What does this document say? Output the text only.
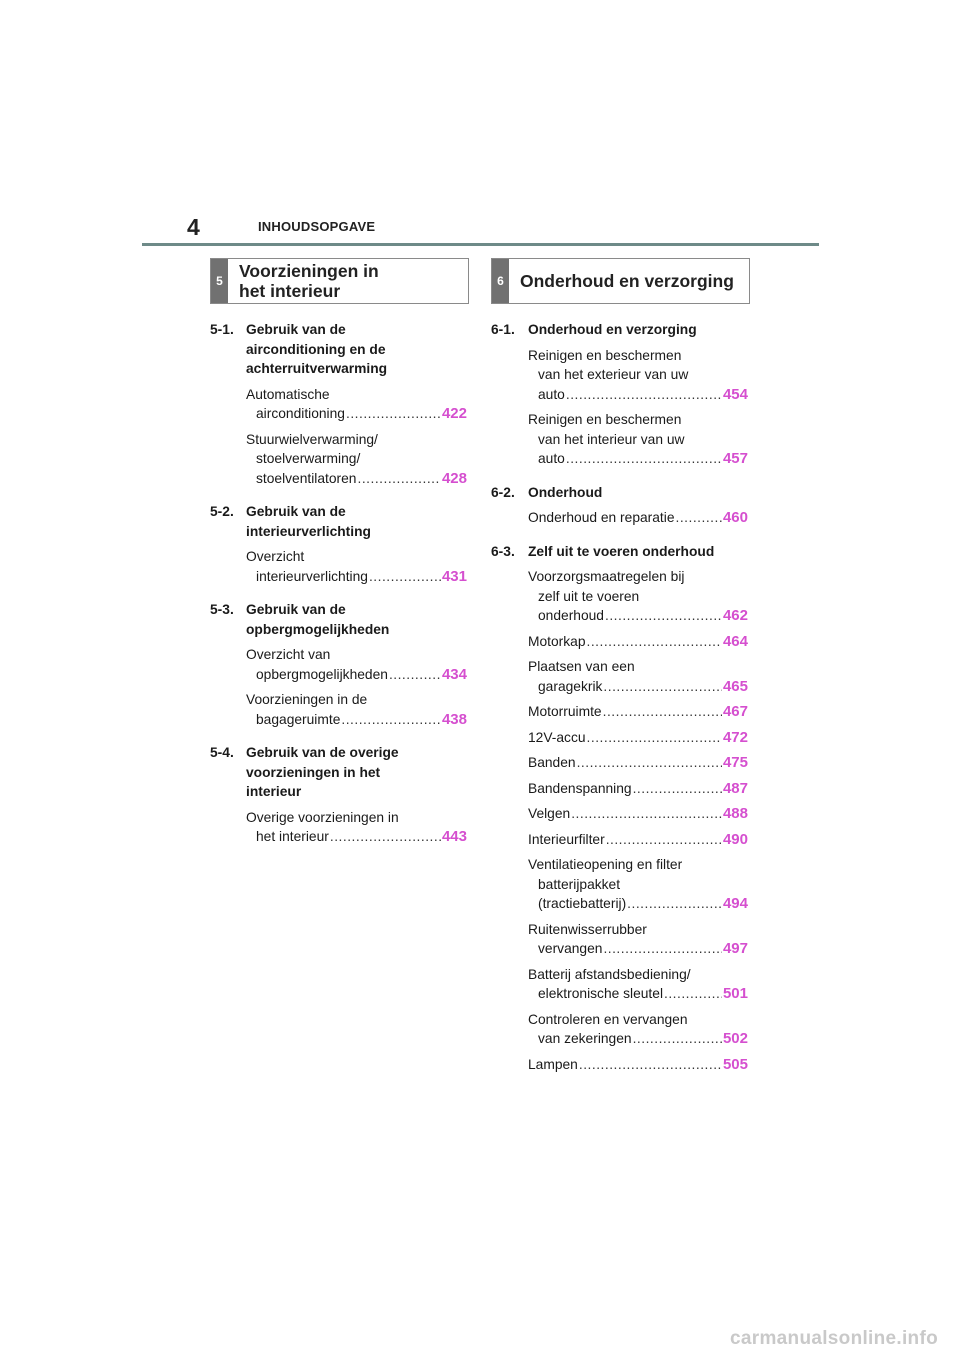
4	INHOUDSOPGAVE
5 Voorzieningen in
het interieur	6 Onderhoud en verzorging
5-1. Gebruik van de
airconditioning en de
achterruitverwarming
Automatische
airconditioning .....	422
Stuurwielverwarming/
stoelverwarming/
stoelventilatoren .....	428
5-2. Gebruik van de
interieurverlichting
Overzicht
interieurverlichting .....	431
5-3. Gebruik van de
opbergmogelijkheden
Overzicht van
opbergmogelijkheden .....	434
Voorzieningen in de
bagageruimte .....	438
5-4. Gebruik van de overige
voorzieningen in het
interieur
Overige voorzieningen in
het interieur .....	443
6-1. Onderhoud en verzorging
Reinigen en beschermen
van het exterieur van uw
auto .....	454
Reinigen en beschermen
van het interieur van uw
auto .....	457
6-2. Onderhoud
Onderhoud en reparatie .....	460
6-3. Zelf uit te voeren onderhoud
Voorzorgsmaatregelen bij
zelf uit te voeren
onderhoud .....	462
Motorkap .....	464
Plaatsen van een
garagekrik .....	465
Motorruimte .....	467
12V-accu .....	472
Banden .....	475
Bandenspanning .....	487
Velgen .....	488
Interieurfilter .....	490
Ventilatieopening en filter
batterijpakket
(tractiebatterij) .....	494
Ruitenwisserrubber
vervangen .....	497
Batterij afstandsbediening/
elektronische sleutel .....	501
Controleren en vervangen
van zekeringen .....	502
Lampen .....	505
carmanualsonline.info
